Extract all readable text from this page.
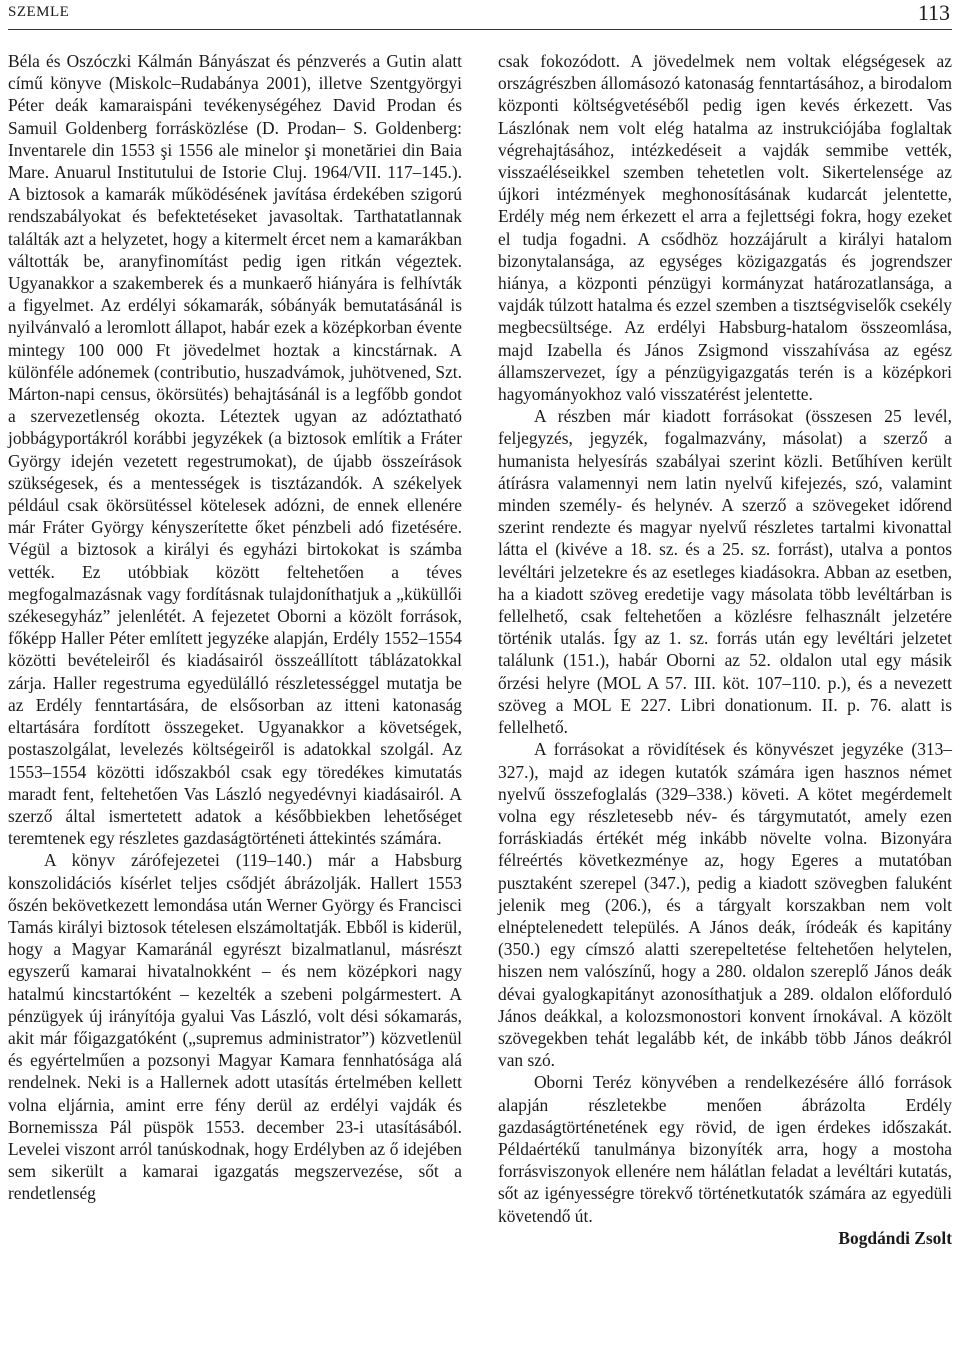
SZEMLE	113

Béla és Oszóczki Kálmán Bányászat és pénzverés a Gutin alatt című könyve (Miskolc–Rudabánya 2001), illetve Szentgyörgyi Péter deák kamaraispáni tevékenységéhez David Prodan és Samuil Goldenberg forrásközlése (D. Prodan– S. Goldenberg: Inventarele din 1553 şi 1556 ale minelor şi monetăriei din Baia Mare. Anuarul Institutului de Istorie Cluj. 1964/VII. 117–145.). A biztosok a kamarák működésének javítása érdekében szigorú rendszabályokat és befektetéseket javasoltak. Tarthatatlannak találták azt a helyzetet, hogy a kitermelt ércet nem a kamarákban váltották be, aranyfinomítást pedig igen ritkán végeztek. Ugyanakkor a szakemberek és a munkaerő hiányára is felhívták a figyelmet. Az erdélyi sókamarák, sóbányák bemutatásánál is nyilvánvaló a leromlott állapot, habár ezek a középkorban évente mintegy 100 000 Ft jövedelmet hoztak a kincstárnak. A különféle adónemek (contributio, huszadvámok, juhötvened, Szt. Márton-napi census, ökörsütés) behajtásánál is a legfőbb gondot a szervezetlenség okozta. Léteztek ugyan az adóztatható jobbágyportákról korábbi jegyzékek (a biztosok említik a Fráter György idején vezetett regestrumokat), de újabb összeírások szükségesek, és a mentességek is tisztázandók. A székelyek például csak ökörsütéssel kötelesek adózni, de ennek ellenére már Fráter György kényszerítette őket pénzbeli adó fizetésére. Végül a biztosok a királyi és egyházi birtokokat is számba vették. Ez utóbbiak között feltehetően a téves megfogalmazásnak vagy fordításnak tulajdoníthatjuk a „küküllői székesegyház” jelenlétét. A fejezetet Oborni a közölt források, főképp Haller Péter említett jegyzéke alapján, Erdély 1552–1554 közötti bevételeiről és kiadásairól összeállított táblázatokkal zárja. Haller regestruma egyedülálló részletességgel mutatja be az Erdély fenntartására, de elsősorban az itteni katonaság eltartására fordított összegeket. Ugyanakkor a követségek, postaszolgálat, levelezés költségeiről is adatokkal szolgál. Az 1553–1554 közötti időszakból csak egy töredékes kimutatás maradt fent, feltehetően Vas László negyedévnyi kiadásairól. A szerző által ismertetett adatok a későbbiekben lehetőséget teremtenek egy részletes gazdaságtörténeti áttekintés számára.

A könyv zárófejezetei (119–140.) már a Habsburg konszolidációs kísérlet teljes csődjét ábrázolják. Hallert 1553 őszén bekövetkezett lemondása után Werner György és Francisci Tamás királyi biztosok tételesen elszámoltatják. Ebből is kiderül, hogy a Magyar Kamaránál egyrészt bizalmatlanul, másrészt egyszerű kamarai hivatalnokként – és nem középkori nagy hatalmú kincstartóként – kezelték a szebeni polgármestert. A pénzügyek új irányítója gyalui Vas László, volt dési sókamarás, akit már főigazgatóként („supremus administrator”) közvetlenül és egyértelműen a pozsonyi Magyar Kamara fennhatósága alá rendelnek. Neki is a Hallernek adott utasítás értelmében kellett volna eljárnia, amint erre fény derül az erdélyi vajdák és Bornemissza Pál püspök 1553. december 23-i utasításából. Levelei viszont arról tanúskodnak, hogy Erdélyben az ő idejében sem sikerült a kamarai igazgatás megszervezése, sőt a rendetlenség

csak fokozódott. A jövedelmek nem voltak elégségesek az országrészben állomásozó katonaság fenntartásához, a birodalom központi költségvetéséből pedig igen kevés érkezett. Vas Lászlónak nem volt elég hatalma az instrukciójába foglaltak végrehajtásához, intézkedéseit a vajdák semmibe vették, visszaéléseikkel szemben tehetetlen volt. Sikertelensége az újkori intézmények meghonosításának kudarcát jelentette, Erdély még nem érkezett el arra a fejlettségi fokra, hogy ezeket el tudja fogadni. A csődhöz hozzájárult a királyi hatalom bizonytalansága, az egységes közigazgatás és jogrendszer hiánya, a központi pénzügyi kormányzat határozatlansága, a vajdák túlzott hatalma és ezzel szemben a tisztségviselők csekély megbecsültsége. Az erdélyi Habsburg-hatalom összeomlása, majd Izabella és János Zsigmond visszahívása az egész államszervezet, így a pénzügyigazgatás terén is a középkori hagyományokhoz való visszatérést jelentette.

A részben már kiadott forrásokat (összesen 25 levél, feljegyzés, jegyzék, fogalmazvány, másolat) a szerző a humanista helyesírás szabályai szerint közli. Betűhíven került átírásra valamennyi nem latin nyelvű kifejezés, szó, valamint minden személy- és helynév. A szerző a szövegeket időrend szerint rendezte és magyar nyelvű részletes tartalmi kivonattal látta el (kivéve a 18. sz. és a 25. sz. forrást), utalva a pontos levéltári jelzetekre és az esetleges kiadásokra. Abban az esetben, ha a kiadott szöveg eredetije vagy másolata több levéltárban is fellelhető, csak feltehetően a közlésre felhasznált jelzetére történik utalás. Így az 1. sz. forrás után egy levéltári jelzetet találunk (151.), habár Oborni az 52. oldalon utal egy másik őrzési helyre (MOL A 57. III. köt. 107–110. p.), és a nevezett szöveg a MOL E 227. Libri donationum. II. p. 76. alatt is fellelhető.

A forrásokat a rövidítések és könyvészet jegyzéke (313–327.), majd az idegen kutatók számára igen hasznos német nyelvű összefoglalás (329–338.) követi. A kötet megérdemelt volna egy részletesebb név- és tárgymutatót, amely ezen forráskiadás értékét még inkább növelte volna. Bizonyára félreértés következménye az, hogy Egeres a mutatóban pusztaként szerepel (347.), pedig a kiadott szövegben faluként jelenik meg (206.), és a tárgyalt korszakban nem volt elnéptelenedett település. A János deák, íródeák és kapitány (350.) egy címszó alatti szerepeltetése feltehetően helytelen, hiszen nem valószínű, hogy a 280. oldalon szereplő János deák dévai gyalogkapitányt azonosíthatjuk a 289. oldalon előforduló János deákkal, a kolozsmonostori konvent írnokával. A közölt szövegekben tehát legalább két, de inkább több János deákról van szó.

Oborni Teréz könyvében a rendelkezésére álló források alapján részletekbe menően ábrázolta Erdély gazdaságtörténetének egy rövid, de igen érdekes időszakát. Példaértékű tanulmánya bizonyíték arra, hogy a mostoha forrásviszonyok ellenére nem hálátlan feladat a levéltári kutatás, sőt az igényességre törekvő történetkutatók számára az egyedüli követendő út.

Bogdándi Zsolt
